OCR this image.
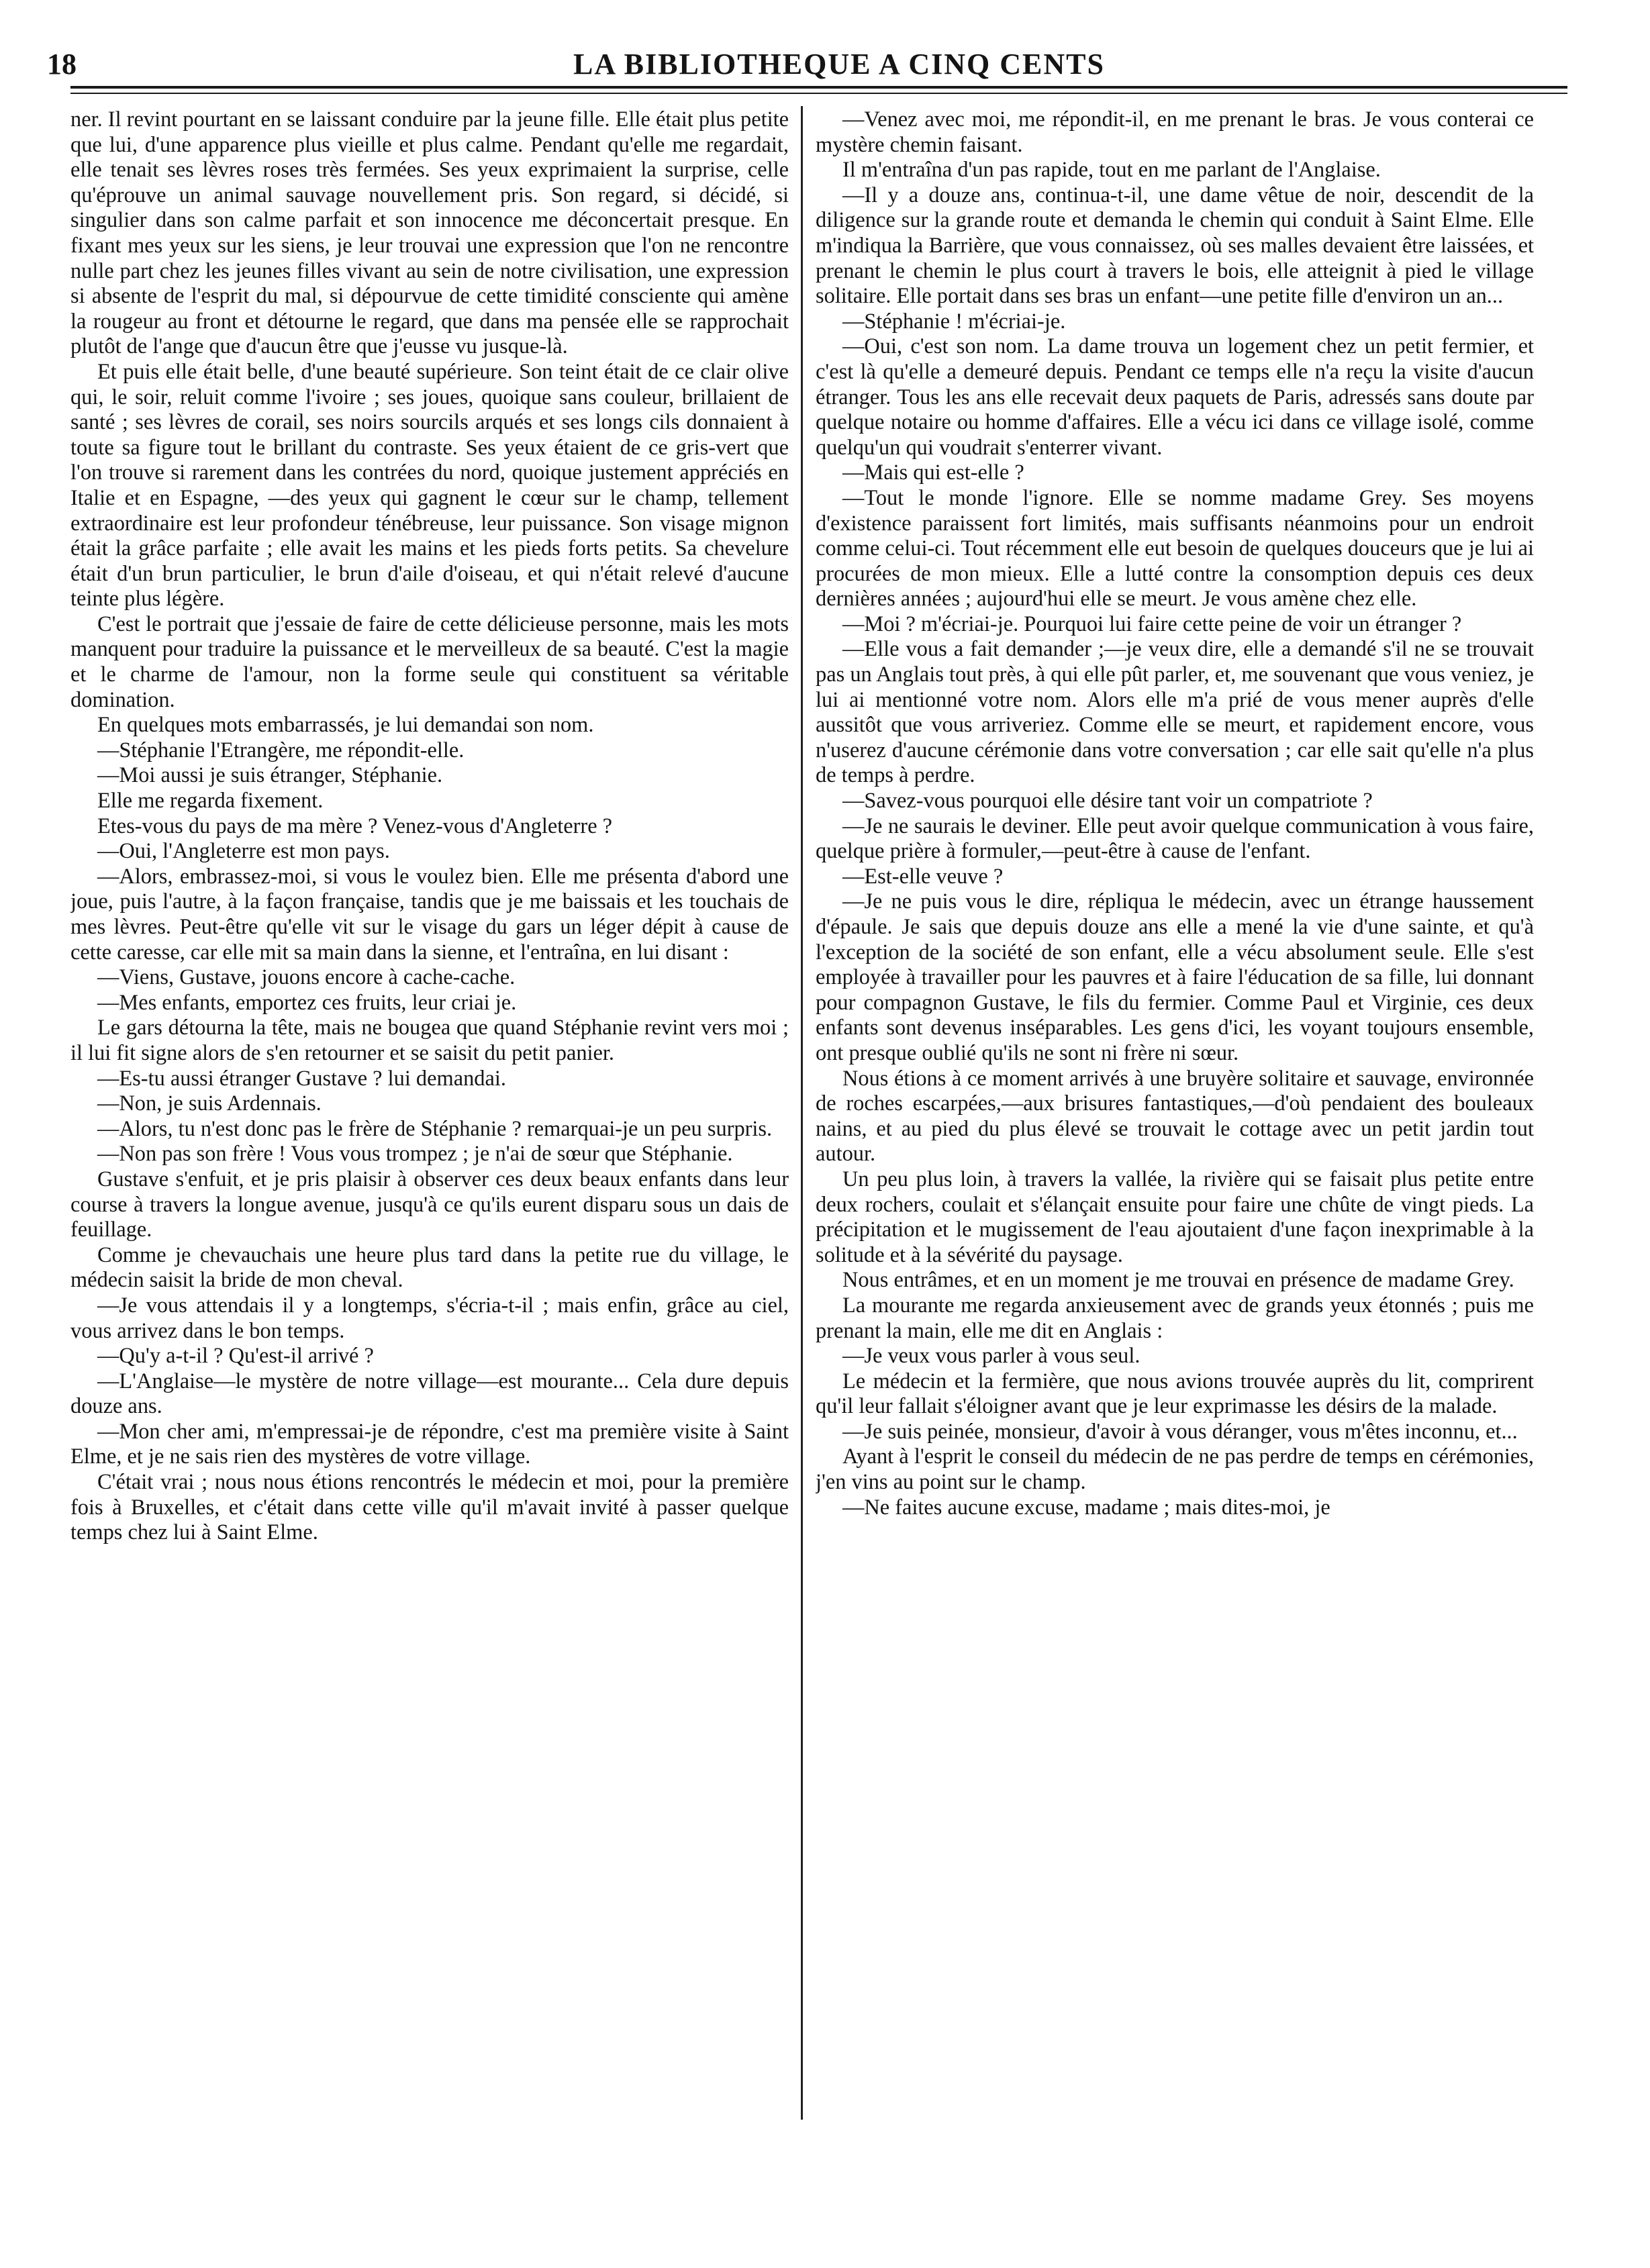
18	LA BIBLIOTHEQUE A CINQ CENTS

ner. Il revint pourtant en se laissant conduire par la jeune fille. Elle était plus petite que lui, d'une apparence plus vieille et plus calme. Pendant qu'elle me regardait, elle tenait ses lèvres roses très fermées. Ses yeux exprimaient la surprise, celle qu'éprouve un animal sauvage nouvellement pris. Son regard, si décidé, si singulier dans son calme parfait et son innocence me déconcertait presque. En fixant mes yeux sur les siens, je leur trouvai une expression que l'on ne rencontre nulle part chez les jeunes filles vivant au sein de notre civilisation, une expression si absente de l'esprit du mal, si dépourvue de cette timidité consciente qui amène la rougeur au front et détourne le regard, que dans ma pensée elle se rapprochait plutôt de l'ange que d'aucun être que j'eusse vu jusque-là.

Et puis elle était belle, d'une beauté supérieure. Son teint était de ce clair olive qui, le soir, reluit comme l'ivoire ; ses joues, quoique sans couleur, brillaient de santé ; ses lèvres de corail, ses noirs sourcils arqués et ses longs cils donnaient à toute sa figure tout le brillant du contraste. Ses yeux étaient de ce gris-vert que l'on trouve si rarement dans les contrées du nord, quoique justement appréciés en Italie et en Espagne, —des yeux qui gagnent le cœur sur le champ, tellement extraordinaire est leur profondeur ténébreuse, leur puissance. Son visage mignon était la grâce parfaite ; elle avait les mains et les pieds forts petits. Sa chevelure était d'un brun particulier, le brun d'aile d'oiseau, et qui n'était relevé d'aucune teinte plus légère.

C'est le portrait que j'essaie de faire de cette délicieuse personne, mais les mots manquent pour traduire la puissance et le merveilleux de sa beauté. C'est la magie et le charme de l'amour, non la forme seule qui constituent sa véritable domination.

En quelques mots embarrassés, je lui demandai son nom.

—Stéphanie l'Etrangère, me répondit-elle.

—Moi aussi je suis étranger, Stéphanie.

Elle me regarda fixement.

Etes-vous du pays de ma mère ? Venez-vous d'Angleterre ?

—Oui, l'Angleterre est mon pays.

—Alors, embrassez-moi, si vous le voulez bien. Elle me présenta d'abord une joue, puis l'autre, à la façon française, tandis que je me baissais et les touchais de mes lèvres. Peut-être qu'elle vit sur le visage du gars un léger dépit à cause de cette caresse, car elle mit sa main dans la sienne, et l'entraîna, en lui disant :

—Viens, Gustave, jouons encore à cache-cache.

—Mes enfants, emportez ces fruits, leur criai je.

Le gars détourna la tête, mais ne bougea que quand Stéphanie revint vers moi ; il lui fit signe alors de s'en retourner et se saisit du petit panier.

—Es-tu aussi étranger Gustave ? lui demandai.

—Non, je suis Ardennais.

—Alors, tu n'est donc pas le frère de Stéphanie ? remarquai-je un peu surpris.

—Non pas son frère ! Vous vous trompez ; je n'ai de sœur que Stéphanie.

Gustave s'enfuit, et je pris plaisir à observer ces deux beaux enfants dans leur course à travers la longue avenue, jusqu'à ce qu'ils eurent disparu sous un dais de feuillage.

Comme je chevauchais une heure plus tard dans la petite rue du village, le médecin saisit la bride de mon cheval.

—Je vous attendais il y a longtemps, s'écria-t-il ; mais enfin, grâce au ciel, vous arrivez dans le bon temps.

—Qu'y a-t-il ? Qu'est-il arrivé ?

—L'Anglaise—le mystère de notre village—est mourante... Cela dure depuis douze ans.

—Mon cher ami, m'empressai-je de répondre, c'est ma première visite à Saint Elme, et je ne sais rien des mystères de votre village.

C'était vrai ; nous nous étions rencontrés le médecin et moi, pour la première fois à Bruxelles, et c'était dans cette ville qu'il m'avait invité à passer quelque temps chez lui à Saint Elme.

—Venez avec moi, me répondit-il, en me prenant le bras. Je vous conterai ce mystère chemin faisant.

Il m'entraîna d'un pas rapide, tout en me parlant de l'Anglaise.

—Il y a douze ans, continua-t-il, une dame vêtue de noir, descendit de la diligence sur la grande route et demanda le chemin qui conduit à Saint Elme. Elle m'indiqua la Barrière, que vous connaissez, où ses malles devaient être laissées, et prenant le chemin le plus court à travers le bois, elle atteignit à pied le village solitaire. Elle portait dans ses bras un enfant—une petite fille d'environ un an...

—Stéphanie ! m'écriai-je.

—Oui, c'est son nom. La dame trouva un logement chez un petit fermier, et c'est là qu'elle a demeuré depuis. Pendant ce temps elle n'a reçu la visite d'aucun étranger. Tous les ans elle recevait deux paquets de Paris, adressés sans doute par quelque notaire ou homme d'affaires. Elle a vécu ici dans ce village isolé, comme quelqu'un qui voudrait s'enterrer vivant.

—Mais qui est-elle ?

—Tout le monde l'ignore. Elle se nomme madame Grey. Ses moyens d'existence paraissent fort limités, mais suffisants néanmoins pour un endroit comme celui-ci. Tout récemment elle eut besoin de quelques douceurs que je lui ai procurées de mon mieux. Elle a lutté contre la consomption depuis ces deux dernières années ; aujourd'hui elle se meurt. Je vous amène chez elle.

—Moi ? m'écriai-je. Pourquoi lui faire cette peine de voir un étranger ?

—Elle vous a fait demander ;—je veux dire, elle a demandé s'il ne se trouvait pas un Anglais tout près, à qui elle pût parler, et, me souvenant que vous veniez, je lui ai mentionné votre nom. Alors elle m'a prié de vous mener auprès d'elle aussitôt que vous arriveriez. Comme elle se meurt, et rapidement encore, vous n'userez d'aucune cérémonie dans votre conversation ; car elle sait qu'elle n'a plus de temps à perdre.

—Savez-vous pourquoi elle désire tant voir un compatriote ?

—Je ne saurais le deviner. Elle peut avoir quelque communication à vous faire, quelque prière à formuler,—peut-être à cause de l'enfant.

—Est-elle veuve ?

—Je ne puis vous le dire, répliqua le médecin, avec un étrange haussement d'épaule. Je sais que depuis douze ans elle a mené la vie d'une sainte, et qu'à l'exception de la société de son enfant, elle a vécu absolument seule. Elle s'est employée à travailler pour les pauvres et à faire l'éducation de sa fille, lui donnant pour compagnon Gustave, le fils du fermier. Comme Paul et Virginie, ces deux enfants sont devenus inséparables. Les gens d'ici, les voyant toujours ensemble, ont presque oublié qu'ils ne sont ni frère ni sœur.

Nous étions à ce moment arrivés à une bruyère solitaire et sauvage, environnée de roches escarpées,—aux brisures fantastiques,—d'où pendaient des bouleaux nains, et au pied du plus élevé se trouvait le cottage avec un petit jardin tout autour.

Un peu plus loin, à travers la vallée, la rivière qui se faisait plus petite entre deux rochers, coulait et s'élançait ensuite pour faire une chûte de vingt pieds. La précipitation et le mugissement de l'eau ajoutaient d'une façon inexprimable à la solitude et à la sévérité du paysage.

Nous entrâmes, et en un moment je me trouvai en présence de madame Grey.

La mourante me regarda anxieusement avec de grands yeux étonnés ; puis me prenant la main, elle me dit en Anglais :

—Je veux vous parler à vous seul.

Le médecin et la fermière, que nous avions trouvée auprès du lit, comprirent qu'il leur fallait s'éloigner avant que je leur exprimasse les désirs de la malade.

—Je suis peinée, monsieur, d'avoir à vous déranger, vous m'êtes inconnu, et...

Ayant à l'esprit le conseil du médecin de ne pas perdre de temps en cérémonies, j'en vins au point sur le champ.

—Ne faites aucune excuse, madame ; mais dites-moi, je
